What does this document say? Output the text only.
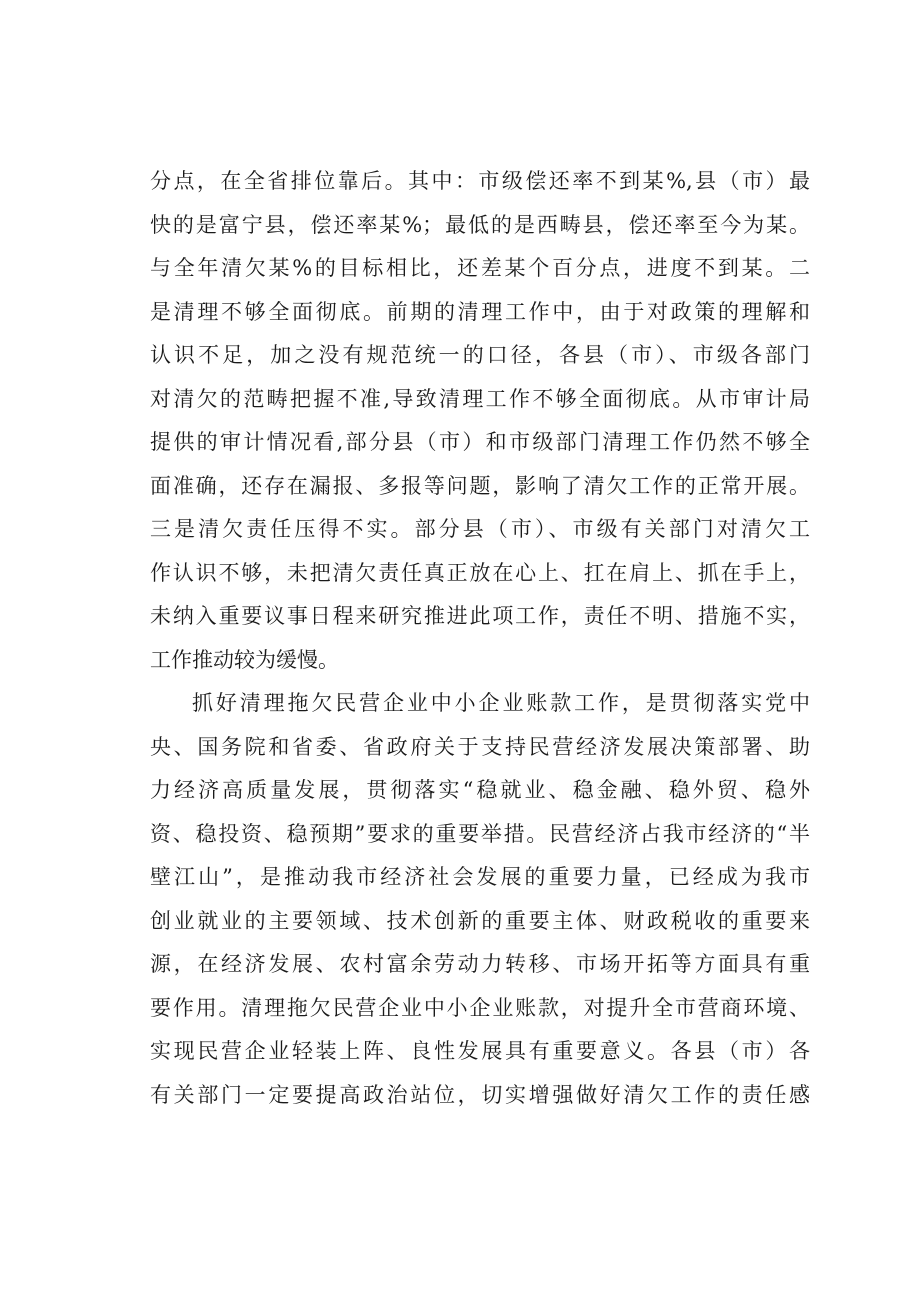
分点，在全省排位靠后。其中：市级偿还率不到某%,县（市）最
快的是富宁县，偿还率某%；最低的是西畴县，偿还率至今为某。
与全年清欠某%的目标相比，还差某个百分点，进度不到某。二
是清理不够全面彻底。前期的清理工作中，由于对政策的理解和
认识不足，加之没有规范统一的口径，各县（市）、市级各部门
对清欠的范畴把握不准,导致清理工作不够全面彻底。从市审计局
提供的审计情况看,部分县（市）和市级部门清理工作仍然不够全
面准确，还存在漏报、多报等问题，影响了清欠工作的正常开展。
三是清欠责任压得不实。部分县（市）、市级有关部门对清欠工
作认识不够，未把清欠责任真正放在心上、扛在肩上、抓在手上，
未纳入重要议事日程来研究推进此项工作，责任不明、措施不实，
工作推动较为缓慢。
抓好清理拖欠民营企业中小企业账款工作，是贯彻落实党中
央、国务院和省委、省政府关于支持民营经济发展决策部署、助
力经济高质量发展，贯彻落实“稳就业、稳金融、稳外贸、稳外
资、稳投资、稳预期”要求的重要举措。民营经济占我市经济的“半
壁江山”，是推动我市经济社会发展的重要力量，已经成为我市
创业就业的主要领域、技术创新的重要主体、财政税收的重要来
源，在经济发展、农村富余劳动力转移、市场开拓等方面具有重
要作用。清理拖欠民营企业中小企业账款，对提升全市营商环境、
实现民营企业轻装上阵、良性发展具有重要意义。各县（市）各
有关部门一定要提高政治站位，切实增强做好清欠工作的责任感
